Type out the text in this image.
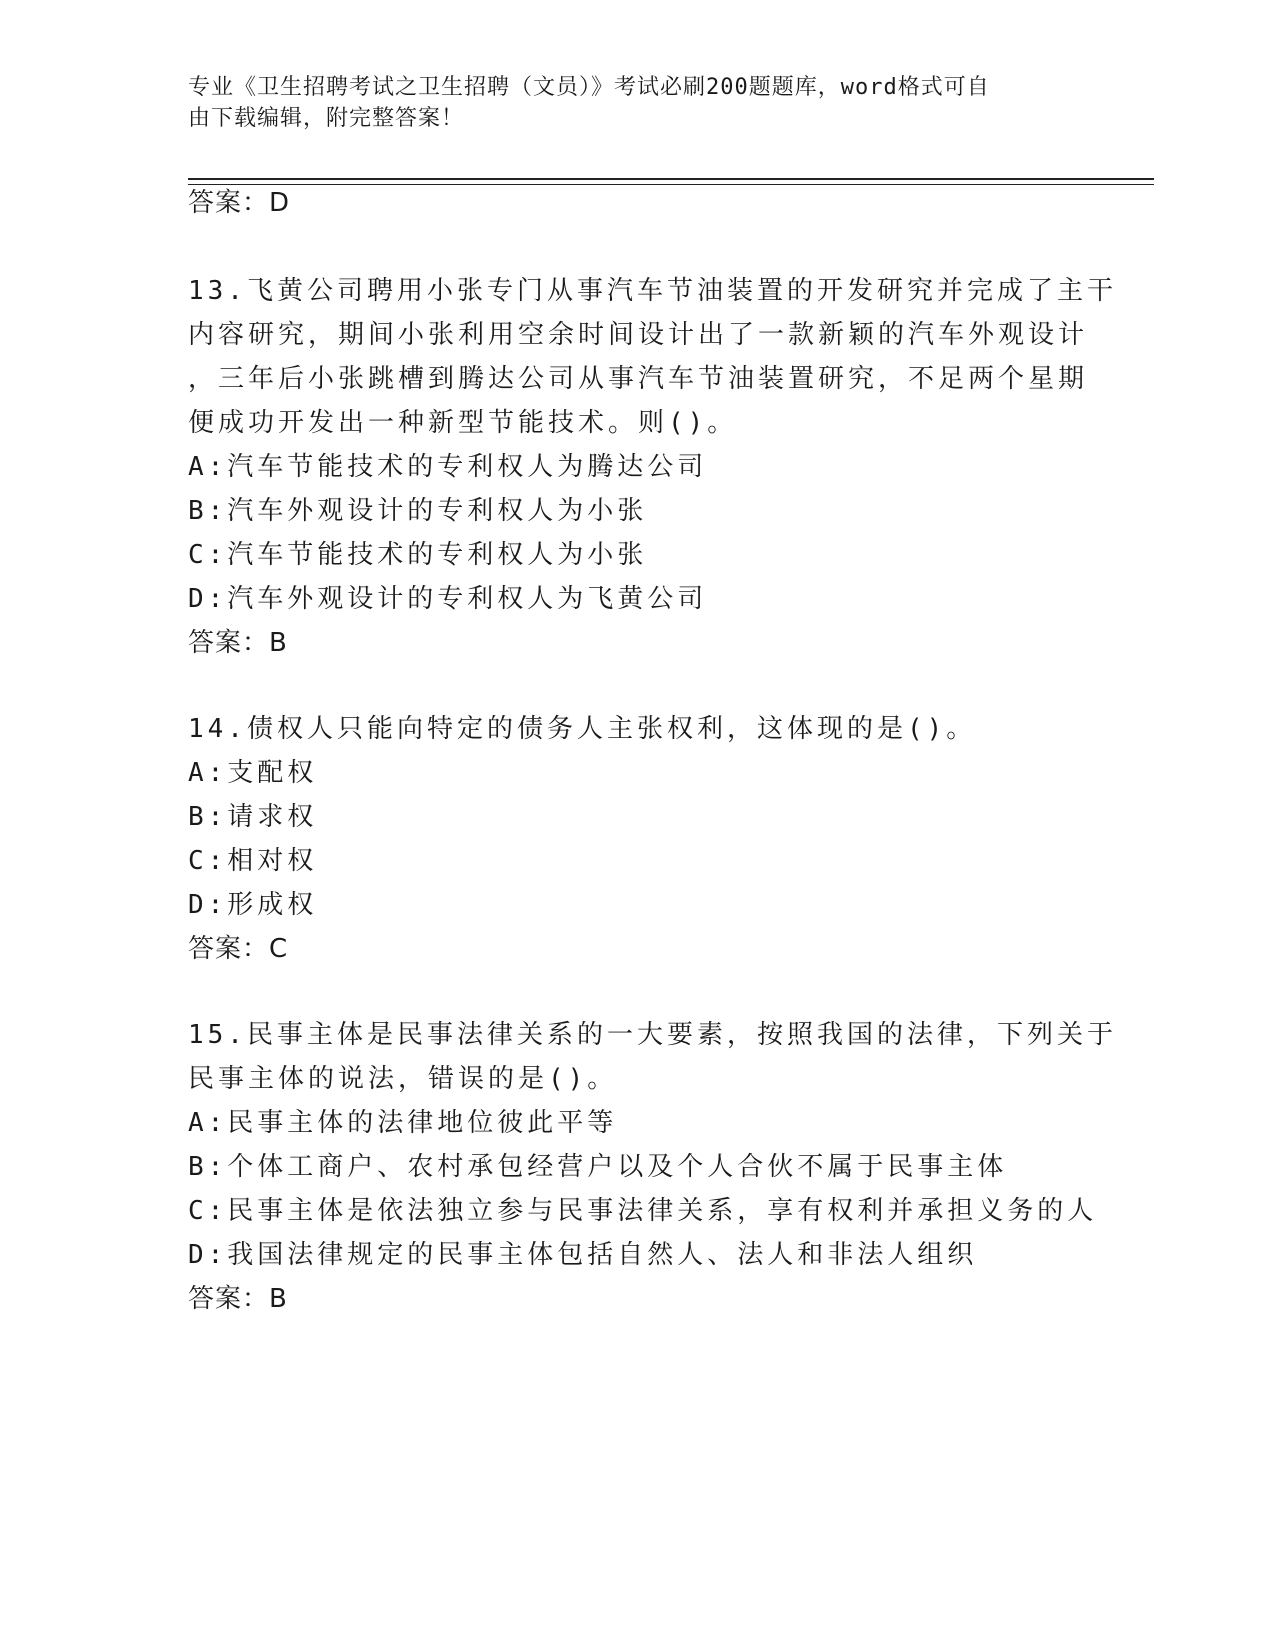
专业《卫生招聘考试之卫生招聘（文员）》考试必刷200题题库，word格式可自
由下载编辑，附完整答案！
答案：D
13.飞黄公司聘用小张专门从事汽车节油装置的开发研究并完成了主干
内容研究，期间小张利用空余时间设计出了一款新颖的汽车外观设计
，三年后小张跳槽到腾达公司从事汽车节油装置研究，不足两个星期
便成功开发出一种新型节能技术。则()。
A:汽车节能技术的专利权人为腾达公司
B:汽车外观设计的专利权人为小张
C:汽车节能技术的专利权人为小张
D:汽车外观设计的专利权人为飞黄公司
答案：B
14.债权人只能向特定的债务人主张权利，这体现的是()。
A:支配权
B:请求权
C:相对权
D:形成权
答案：C
15.民事主体是民事法律关系的一大要素，按照我国的法律，下列关于
民事主体的说法，错误的是()。
A:民事主体的法律地位彼此平等
B:个体工商户、农村承包经营户以及个人合伙不属于民事主体
C:民事主体是依法独立参与民事法律关系，享有权利并承担义务的人
D:我国法律规定的民事主体包括自然人、法人和非法人组织
答案：B
